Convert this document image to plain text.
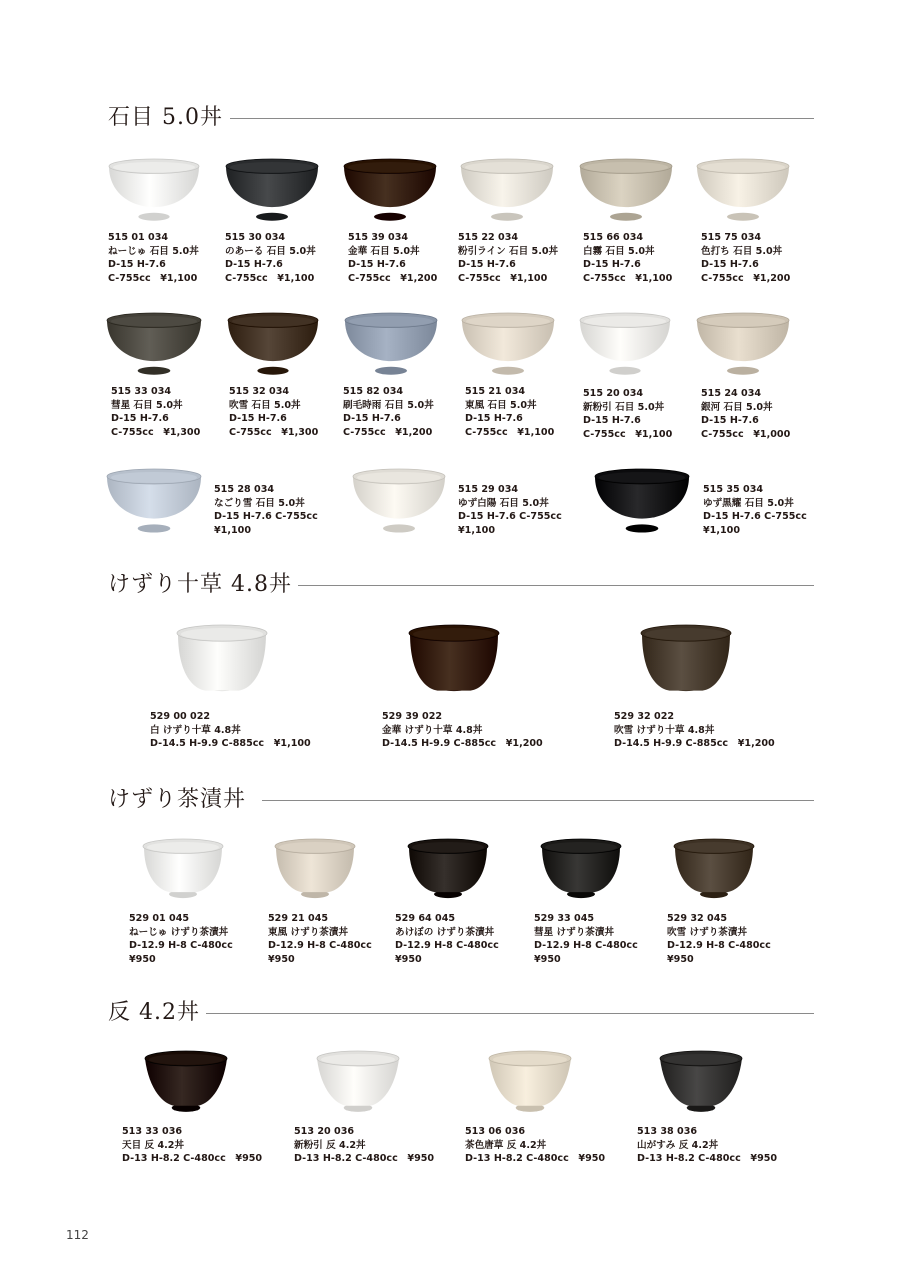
石目 5.0丼
515 01 034
ねーじゅ 石目 5.0丼
D-15 H-7.6
C-755cc　¥1,100
515 30 034
のあーる 石目 5.0丼
D-15 H-7.6
C-755cc　¥1,100
515 39 034
金華 石目 5.0丼
D-15 H-7.6
C-755cc　¥1,200
515 22 034
粉引ライン 石目 5.0丼
D-15 H-7.6
C-755cc　¥1,100
515 66 034
白霧 石目 5.0丼
D-15 H-7.6
C-755cc　¥1,100
515 75 034
色打ち 石目 5.0丼
D-15 H-7.6
C-755cc　¥1,200
515 33 034
彗星 石目 5.0丼
D-15 H-7.6
C-755cc　¥1,300
515 32 034
吹雪 石目 5.0丼
D-15 H-7.6
C-755cc　¥1,300
515 82 034
刷毛時雨 石目 5.0丼
D-15 H-7.6
C-755cc　¥1,200
515 21 034
東風 石目 5.0丼
D-15 H-7.6
C-755cc　¥1,100
515 20 034
新粉引 石目 5.0丼
D-15 H-7.6
C-755cc　¥1,100
515 24 034
銀河 石目 5.0丼
D-15 H-7.6
C-755cc　¥1,000
515 28 034
なごり雪 石目 5.0丼
D-15 H-7.6 C-755cc
¥1,100
515 29 034
ゆず白陽 石目 5.0丼
D-15 H-7.6 C-755cc
¥1,100
515 35 034
ゆず黒耀 石目 5.0丼
D-15 H-7.6 C-755cc
¥1,100
けずり十草 4.8丼
529 00 022
白 けずり十草 4.8丼
D-14.5 H-9.9 C-885cc　¥1,100
529 39 022
金華 けずり十草 4.8丼
D-14.5 H-9.9 C-885cc　¥1,200
529 32 022
吹雪 けずり十草 4.8丼
D-14.5 H-9.9 C-885cc　¥1,200
けずり茶漬丼
529 01 045
ねーじゅ けずり茶漬丼
D-12.9 H-8 C-480cc
¥950
529 21 045
東風 けずり茶漬丼
D-12.9 H-8 C-480cc
¥950
529 64 045
あけぼの けずり茶漬丼
D-12.9 H-8 C-480cc
¥950
529 33 045
彗星 けずり茶漬丼
D-12.9 H-8 C-480cc
¥950
529 32 045
吹雪 けずり茶漬丼
D-12.9 H-8 C-480cc
¥950
反 4.2丼
513 33 036
天目 反 4.2丼
D-13 H-8.2 C-480cc　¥950
513 20 036
新粉引 反 4.2丼
D-13 H-8.2 C-480cc　¥950
513 06 036
茶色唐草 反 4.2丼
D-13 H-8.2 C-480cc　¥950
513 38 036
山がすみ 反 4.2丼
D-13 H-8.2 C-480cc　¥950
112
